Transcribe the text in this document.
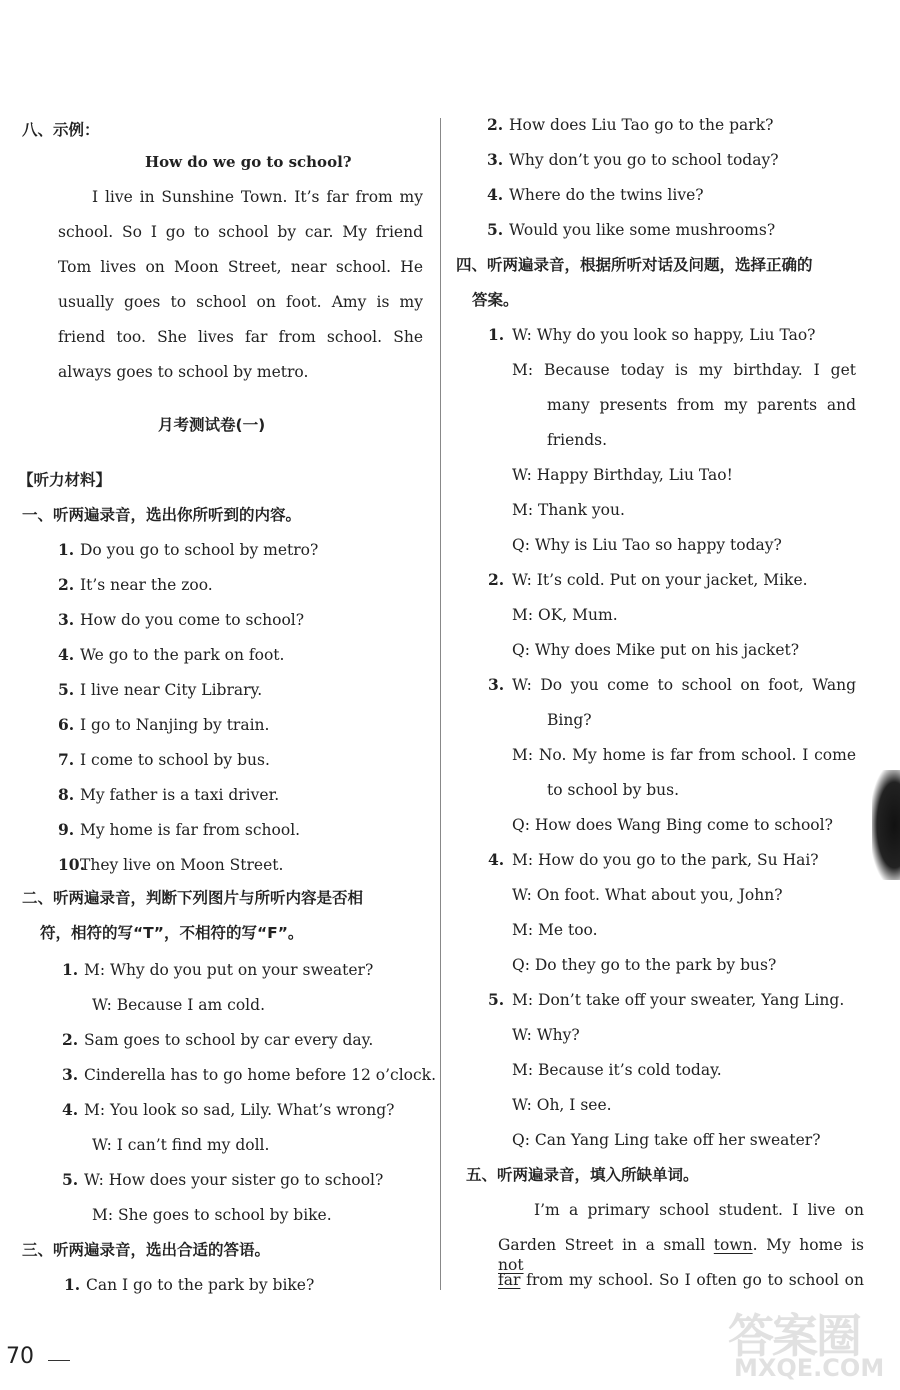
八、示例：
How do we go to school?
I live in Sunshine Town. It’s far from my
school. So I go to school by car. My friend
Tom lives on Moon Street, near school. He
usually goes to school on foot. Amy is my
friend too. She lives far from school. She
always goes to school by metro.
月考测试卷(一)
【听力材料】
一、听两遍录音，选出你所听到的内容。
1. Do you go to school by metro?
2. It’s near the zoo.
3. How do you come to school?
4. We go to the park on foot.
5. I live near City Library.
6. I go to Nanjing by train.
7. I come to school by bus.
8. My father is a taxi driver.
9. My home is far from school.
10.They live on Moon Street.
二、听两遍录音，判断下列图片与所听内容是否相
符，相符的写“T”，不相符的写“F”。
1. M: Why do you put on your sweater?
W: Because I am cold.
2. Sam goes to school by car every day.
3. Cinderella has to go home before 12 o’clock.
4. M: You look so sad, Lily. What’s wrong?
W: I can’t find my doll.
5. W: How does your sister go to school?
M: She goes to school by bike.
三、听两遍录音，选出合适的答语。
1. Can I go to the park by bike?
2. How does Liu Tao go to the park?
3. Why don’t you go to school today?
4. Where do the twins live?
5. Would you like some mushrooms?
四、听两遍录音，根据所听对话及问题，选择正确的
答案。
1. W: Why do you look so happy, Liu Tao?
M: Because today is my birthday. I get
many presents from my parents and
friends.
W: Happy Birthday, Liu Tao!
M: Thank you.
Q: Why is Liu Tao so happy today?
2. W: It’s cold. Put on your jacket, Mike.
M: OK, Mum.
Q: Why does Mike put on his jacket?
3. W: Do you come to school on foot, Wang
Bing?
M: No. My home is far from school. I come
to school by bus.
Q: How does Wang Bing come to school?
4. M: How do you go to the park, Su Hai?
W: On foot. What about you, John?
M: Me too.
Q: Do they go to the park by bus?
5. M: Don’t take off your sweater, Yang Ling.
W: Why?
M: Because it’s cold today.
W: Oh, I see.
Q: Can Yang Ling take off her sweater?
五、听两遍录音，填入所缺单词。
I’m a primary school student. I live on
Garden Street in a small town. My home is not
far from my school. So I often go to school on
70	答案圈
MXQE.COM
